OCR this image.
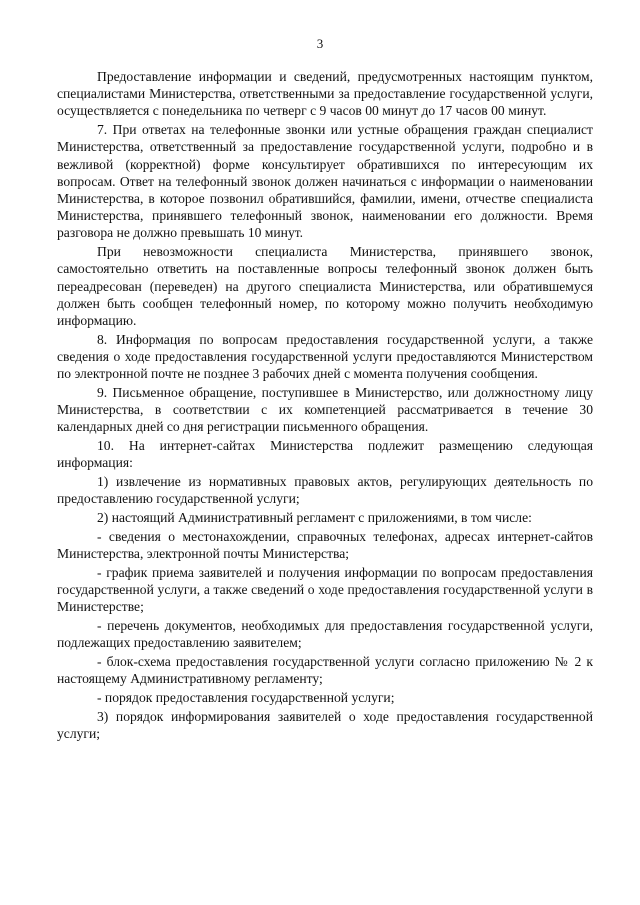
3

Предоставление информации и сведений, предусмотренных настоящим пунктом, специалистами Министерства, ответственными за предоставление государственной услуги, осуществляется с понедельника по четверг с 9 часов 00 минут до 17 часов 00 минут.

7. При ответах на телефонные звонки или устные обращения граждан специалист Министерства, ответственный за предоставление государственной услуги, подробно и в вежливой (корректной) форме консультирует обратившихся по интересующим их вопросам. Ответ на телефонный звонок должен начинаться с информации о наименовании Министерства, в которое позвонил обратившийся, фамилии, имени, отчестве специалиста Министерства, принявшего телефонный звонок, наименовании его должности. Время разговора не должно превышать 10 минут.

При невозможности специалиста Министерства, принявшего звонок, самостоятельно ответить на поставленные вопросы телефонный звонок должен быть переадресован (переведен) на другого специалиста Министерства, или обратившемуся должен быть сообщен телефонный номер, по которому можно получить необходимую информацию.

8. Информация по вопросам предоставления государственной услуги, а также сведения о ходе предоставления государственной услуги предоставляются Министерством по электронной почте не позднее 3 рабочих дней с момента получения сообщения.

9. Письменное обращение, поступившее в Министерство, или должностному лицу Министерства, в соответствии с их компетенцией рассматривается в течение 30 календарных дней со дня регистрации письменного обращения.

10. На интернет-сайтах Министерства подлежит размещению следующая информация:

1) извлечение из нормативных правовых актов, регулирующих деятельность по предоставлению государственной услуги;

2) настоящий Административный регламент с приложениями, в том числе:

- сведения о местонахождении, справочных телефонах, адресах интернет-сайтов Министерства, электронной почты Министерства;

- график приема заявителей и получения информации по вопросам предоставления государственной услуги, а также сведений о ходе предоставления государственной услуги в Министерстве;

- перечень документов, необходимых для предоставления государственной услуги, подлежащих предоставлению заявителем;

- блок-схема предоставления государственной услуги согласно приложению № 2 к настоящему Административному регламенту;

- порядок предоставления государственной услуги;

3) порядок информирования заявителей о ходе предоставления государственной услуги;
